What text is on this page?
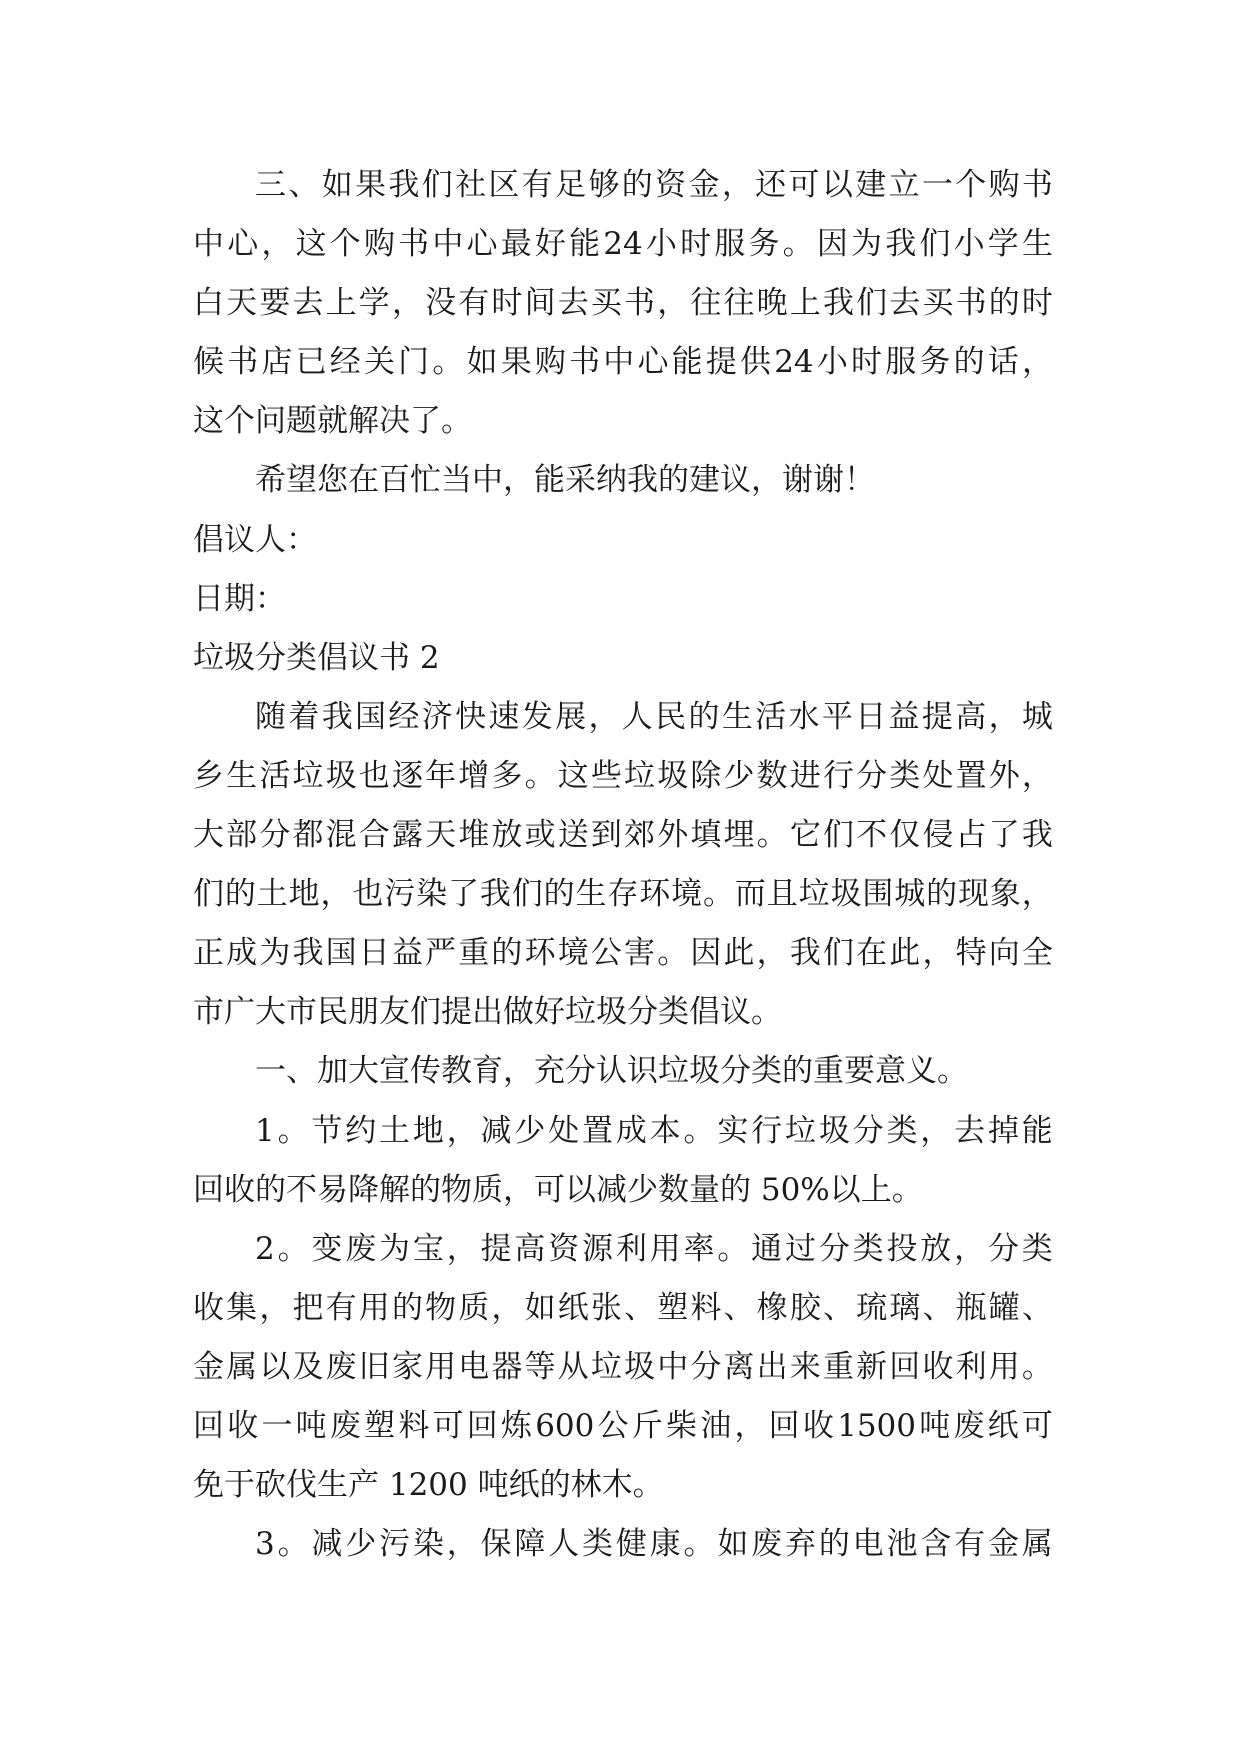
三 、 如 果 我 们 社 区 有 足 够 的 资 金 ， 还 可 以 建 立 一 个 购 书
中 心 ， 这 个 购 书 中 心 最 好 能 24 小 时 服 务 。 因 为 我 们 小 学 生
白 天 要 去 上 学 ， 没 有 时 间 去 买 书 ， 往 往 晚 上 我 们 去 买 书 的 时
候 书 店 已 经 关 门 。 如 果 购 书 中 心 能 提 供 24 小 时 服 务 的 话 ，
这个问题就解决了。
希望您在百忙当中，能采纳我的建议，谢谢！
倡议人：
日期：
垃圾分类倡议书 2
随 着 我 国 经 济 快 速 发 展 ， 人 民 的 生 活 水 平 日 益 提 高 ， 城
乡 生 活 垃 圾 也 逐 年 增 多 。 这 些 垃 圾 除 少 数 进 行 分 类 处 置 外 ，
大 部 分 都 混 合 露 天 堆 放 或 送 到 郊 外 填 埋 。 它 们 不 仅 侵 占 了 我
们 的 土 地 ， 也 污 染 了 我 们 的 生 存 环 境 。 而 且 垃 圾 围 城 的 现 象 ，
正 成 为 我 国 日 益 严 重 的 环 境 公 害 。 因 此 ， 我 们 在 此 ， 特 向 全
市广大市民朋友们提出做好垃圾分类倡议。
一、加大宣传教育，充分认识垃圾分类的重要意义。
1 。 节 约 土 地 ， 减 少 处 置 成 本 。 实 行 垃 圾 分 类 ， 去 掉 能
回收的不易降解的物质，可以减少数量的 50%以上。
2 。 变 废 为 宝 ， 提 高 资 源 利 用 率 。 通 过 分 类 投 放 ， 分 类
收 集 ， 把 有 用 的 物 质 ， 如 纸 张 、 塑 料 、 橡 胶 、 琉 璃 、 瓶 罐 、
金 属 以 及 废 旧 家 用 电 器 等 从 垃 圾 中 分 离 出 来 重 新 回 收 利 用 。
回 收 一 吨 废 塑 料 可 回 炼 600 公 斤 柴 油 ， 回 收 1500 吨 废 纸 可
免于砍伐生产 1200 吨纸的林木。
3 。 减 少 污 染 ， 保 障 人 类 健 康 。 如 废 弃 的 电 池 含 有 金 属
